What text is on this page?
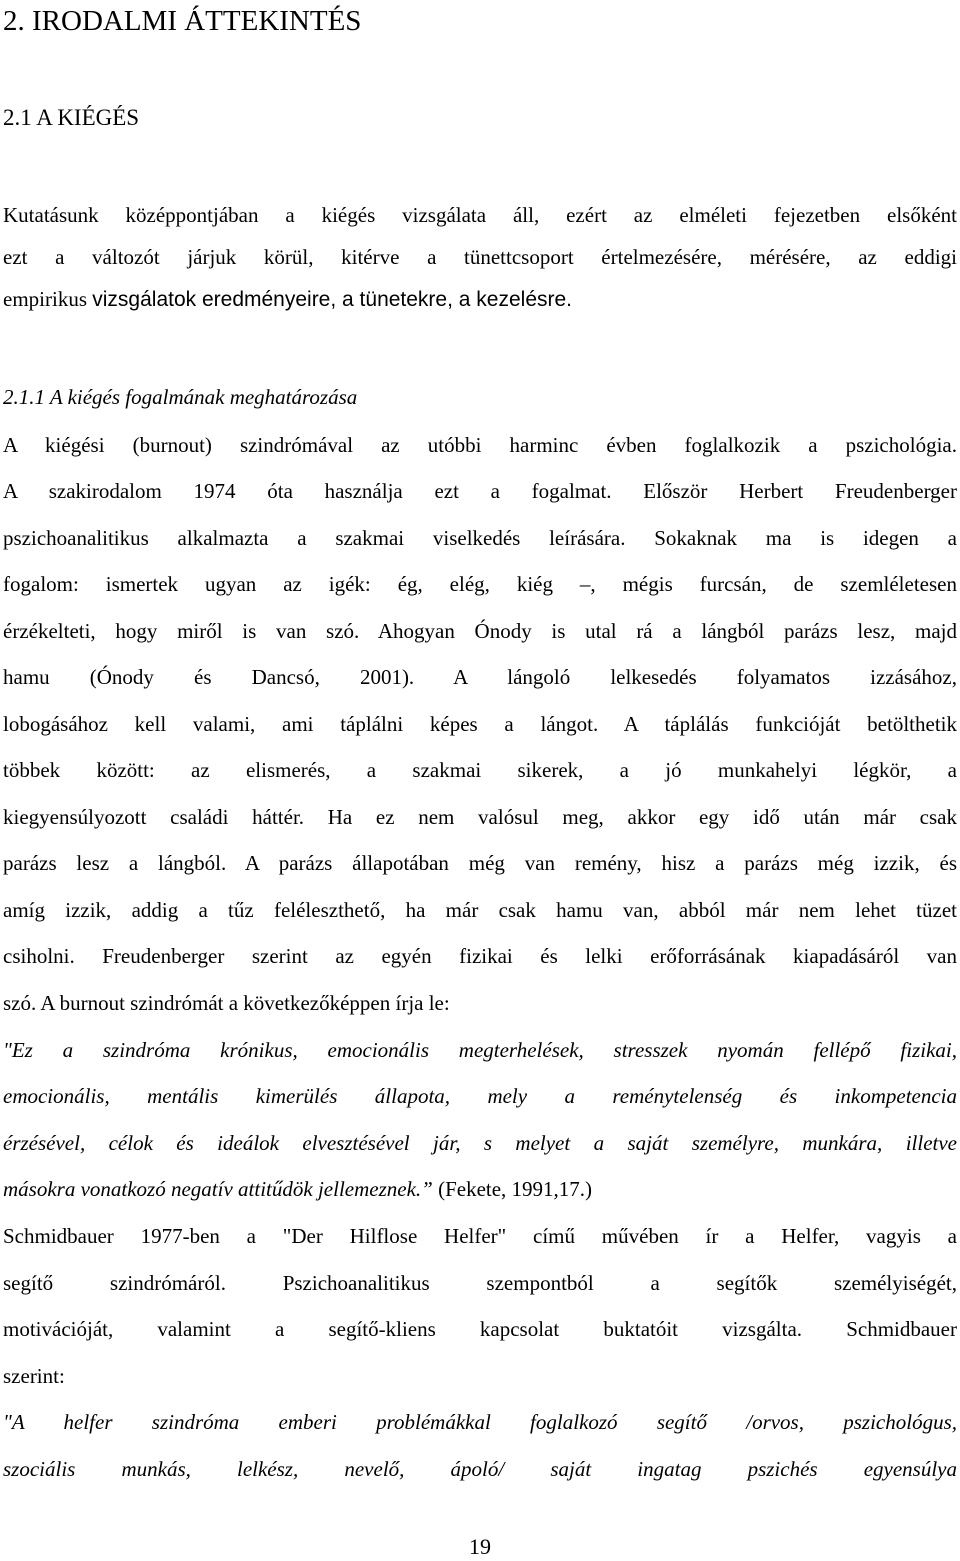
2. IRODALMI ÁTTEKINTÉS
2.1 A KIÉGÉS
Kutatásunk középpontjában a kiégés vizsgálata áll, ezért az elméleti fejezetben elsőként
ezt a változót járjuk körül, kitérve a tünettcsoport értelmezésére, mérésére, az eddigi
empirikus vizsgálatok eredményeire, a tünetekre, a kezelésre.
2.1.1 A kiégés fogalmának meghatározása
A kiégési (burnout) szindrómával az utóbbi harminc évben foglalkozik a pszichológia.
A szakirodalom 1974 óta használja ezt a fogalmat. Először Herbert Freudenberger
pszichoanalitikus alkalmazta a szakmai viselkedés leírására. Sokaknak ma is idegen a
fogalom: ismertek ugyan az igék: ég, elég, kiég –, mégis furcsán, de szemléletesen
érzékelteti, hogy miről is van szó. Ahogyan Ónody is utal rá a lángból parázs lesz, majd
hamu (Ónody és Dancsó, 2001). A lángoló lelkesedés folyamatos izzásához,
lobogásához kell valami, ami táplálni képes a lángot. A táplálás funkcióját betölthetik
többek között: az elismerés, a szakmai sikerek, a jó munkahelyi légkör, a
kiegyensúlyozott családi háttér. Ha ez nem valósul meg, akkor egy idő után már csak
parázs lesz a lángból. A parázs állapotában még van remény, hisz a parázs még izzik, és
amíg izzik, addig a tűz feléleszthető, ha már csak hamu van, abból már nem lehet tüzet
csiholni. Freudenberger szerint az egyén fizikai és lelki erőforrásának kiapadásáról van
szó. A burnout szindrómát a következőképpen írja le:
"Ez a szindróma krónikus, emocionális megterhelések, stresszek nyomán fellépő fizikai,
emocionális, mentális kimerülés állapota, mely a reménytelenség és inkompetencia
érzésével, célok és ideálok elvesztésével jár, s melyet a saját személyre, munkára, illetve
másokra vonatkozó negatív attitűdök jellemeznek.” (Fekete, 1991,17.)
Schmidbauer 1977-ben a "Der Hilflose Helfer" című művében ír a Helfer, vagyis a
segítő szindrómáról. Pszichoanalitikus szempontból a segítők személyiségét,
motivációját, valamint a segítő-kliens kapcsolat buktatóit vizsgálta. Schmidbauer
szerint:
"A helfer szindróma emberi problémákkal foglalkozó segítő /orvos, pszichológus,
szociális munkás, lelkész, nevelő, ápoló/ saját ingatag pszichés egyensúlya
19
